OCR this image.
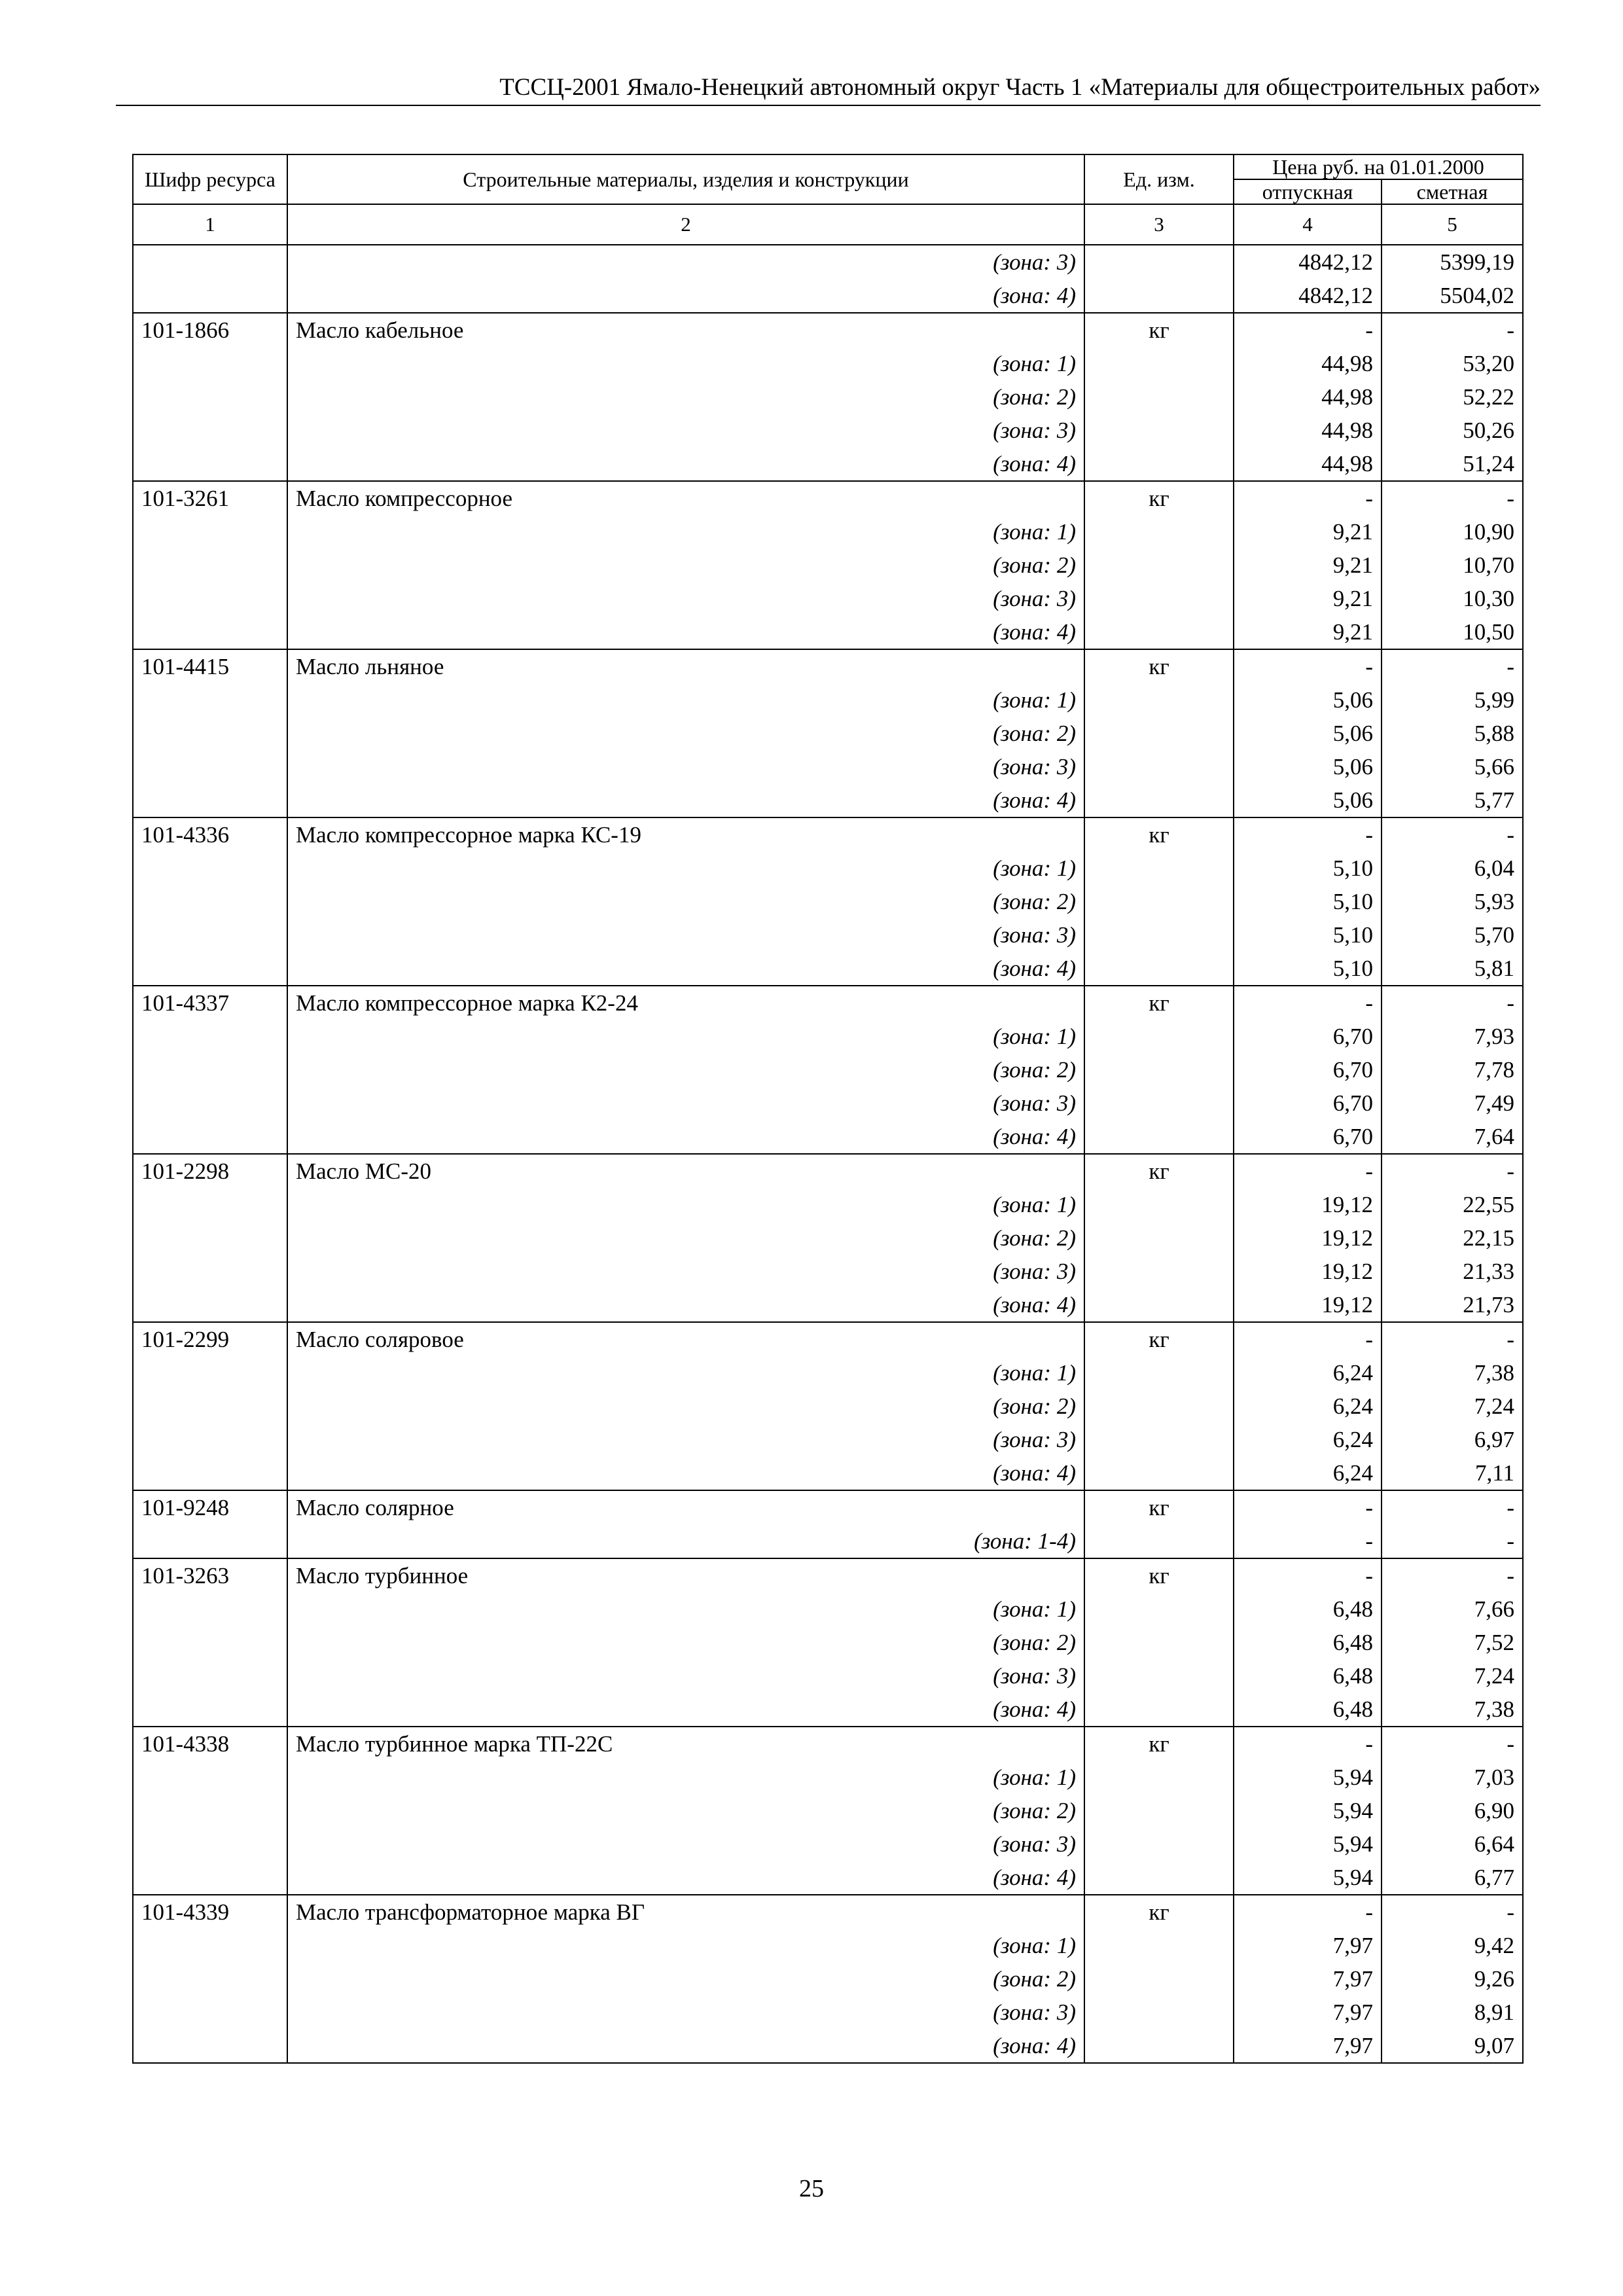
ТССЦ-2001 Ямало-Ненецкий автономный округ Часть 1 «Материалы для общестроительных работ»
Шифр ресурса	Строительные материалы, изделия и конструкции	Ед. изм.	Цена руб. на 01.01.2000	
			отпускная	сметная
1	2	3	4	5
	(зона: 3)		4842,12	5399,19
	(зона: 4)		4842,12	5504,02
101-1866	Масло кабельное	кг	-	-
	(зона: 1)		44,98	53,20
	(зона: 2)		44,98	52,22
	(зона: 3)		44,98	50,26
	(зона: 4)		44,98	51,24
101-3261	Масло компрессорное	кг	-	-
	(зона: 1)		9,21	10,90
	(зона: 2)		9,21	10,70
	(зона: 3)		9,21	10,30
	(зона: 4)		9,21	10,50
101-4415	Масло льняное	кг	-	-
	(зона: 1)		5,06	5,99
	(зона: 2)		5,06	5,88
	(зона: 3)		5,06	5,66
	(зона: 4)		5,06	5,77
101-4336	Масло компрессорное марка КС-19	кг	-	-
	(зона: 1)		5,10	6,04
	(зона: 2)		5,10	5,93
	(зона: 3)		5,10	5,70
	(зона: 4)		5,10	5,81
101-4337	Масло компрессорное марка К2-24	кг	-	-
	(зона: 1)		6,70	7,93
	(зона: 2)		6,70	7,78
	(зона: 3)		6,70	7,49
	(зона: 4)		6,70	7,64
101-2298	Масло МС-20	кг	-	-
	(зона: 1)		19,12	22,55
	(зона: 2)		19,12	22,15
	(зона: 3)		19,12	21,33
	(зона: 4)		19,12	21,73
101-2299	Масло соляровое	кг	-	-
	(зона: 1)		6,24	7,38
	(зона: 2)		6,24	7,24
	(зона: 3)		6,24	6,97
	(зона: 4)		6,24	7,11
101-9248	Масло солярное	кг	-	-
	(зона: 1-4)		-	-
101-3263	Масло турбинное	кг	-	-
	(зона: 1)		6,48	7,66
	(зона: 2)		6,48	7,52
	(зона: 3)		6,48	7,24
	(зона: 4)		6,48	7,38
101-4338	Масло турбинное марка ТП-22С	кг	-	-
	(зона: 1)		5,94	7,03
	(зона: 2)		5,94	6,90
	(зона: 3)		5,94	6,64
	(зона: 4)		5,94	6,77
101-4339	Масло трансформаторное марка ВГ	кг	-	-
	(зона: 1)		7,97	9,42
	(зона: 2)		7,97	9,26
	(зона: 3)		7,97	8,91
	(зона: 4)		7,97	9,07
25
